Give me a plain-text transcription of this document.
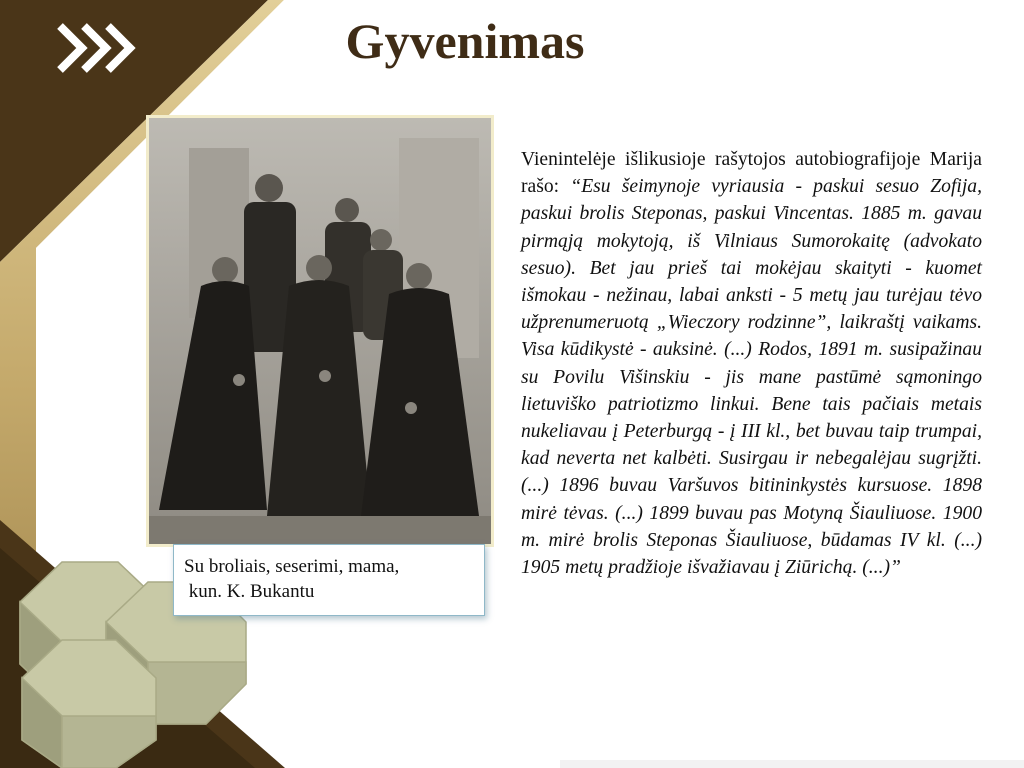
Gyvenimas
Su broliais, seserimi, mama,
kun. K. Bukantu

Vienintelėje išlikusioje rašytojos autobiografijoje Marija rašo: “Esu šeimynoje vyriausia - paskui sesuo Zofija, paskui brolis Steponas, paskui Vincentas. 1885 m. gavau pirmąją mokytoją, iš Vilniaus Sumorokaitę (advokato sesuo). Bet jau prieš tai mokėjau skaityti - kuomet išmokau - nežinau, labai anksti - 5 metų jau turėjau tėvo užprenumeruotą „Wieczory rodzinne”, laikraštį vaikams. Visa kūdikystė - auksinė. (...) Rodos, 1891 m. susipažinau su Povilu Višinskiu - jis mane pastūmė sąmoningo lietuviško patriotizmo linkui. Bene tais pačiais metais nukeliavau į Peterburgą - į III kl., bet buvau taip trumpai, kad neverta net kalbėti. Susirgau ir nebegalėjau sugrįžti. (...) 1896 buvau Varšuvos bitininkystės kursuose. 1898 mirė tėvas. (...) 1899 buvau pas Motyną Šiauliuose. 1900 m. mirė brolis Steponas Šiauliuose, būdamas IV kl. (...) 1905 metų pradžioje išvažiavau į Ziūrichą. (...)”
